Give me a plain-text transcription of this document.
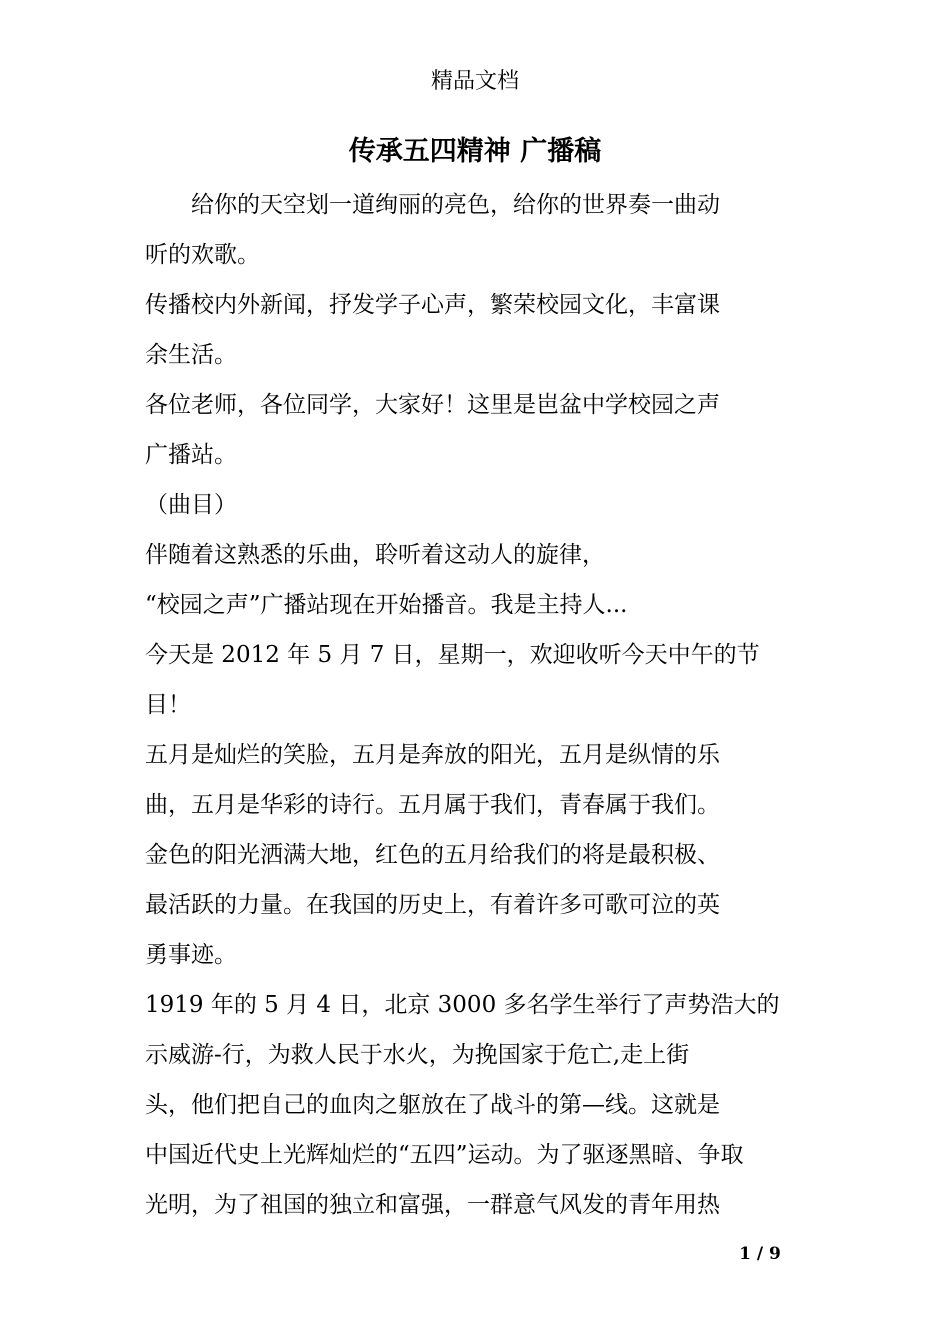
精品文档
传承五四精神 广播稿
　　给你的天空划一道绚丽的亮色，给你的世界奏一曲动
听的欢歌。
传播校内外新闻，抒发学子心声，繁荣校园文化，丰富课
余生活。
各位老师，各位同学，大家好！这里是岜盆中学校园之声
广播站。
（曲目）
伴随着这熟悉的乐曲，聆听着这动人的旋律，
“校园之声”广播站现在开始播音。我是主持人...
今天是 2012 年 5 月 7 日，星期一，欢迎收听今天中午的节
目！
五月是灿烂的笑脸，五月是奔放的阳光，五月是纵情的乐
曲，五月是华彩的诗行。五月属于我们，青春属于我们。
金色的阳光洒满大地，红色的五月给我们的将是最积极、
最活跃的力量。在我国的历史上，有着许多可歌可泣的英
勇事迹。
1919 年的 5 月 4 日，北京 3000 多名学生举行了声势浩大的
示威游-行，为救人民于水火，为挽国家于危亡,走上街
头，他们把自己的血肉之躯放在了战斗的第—线。这就是
中国近代史上光辉灿烂的“五四”运动。为了驱逐黑暗、争取
光明，为了祖国的独立和富强，一群意气风发的青年用热
1 / 9
